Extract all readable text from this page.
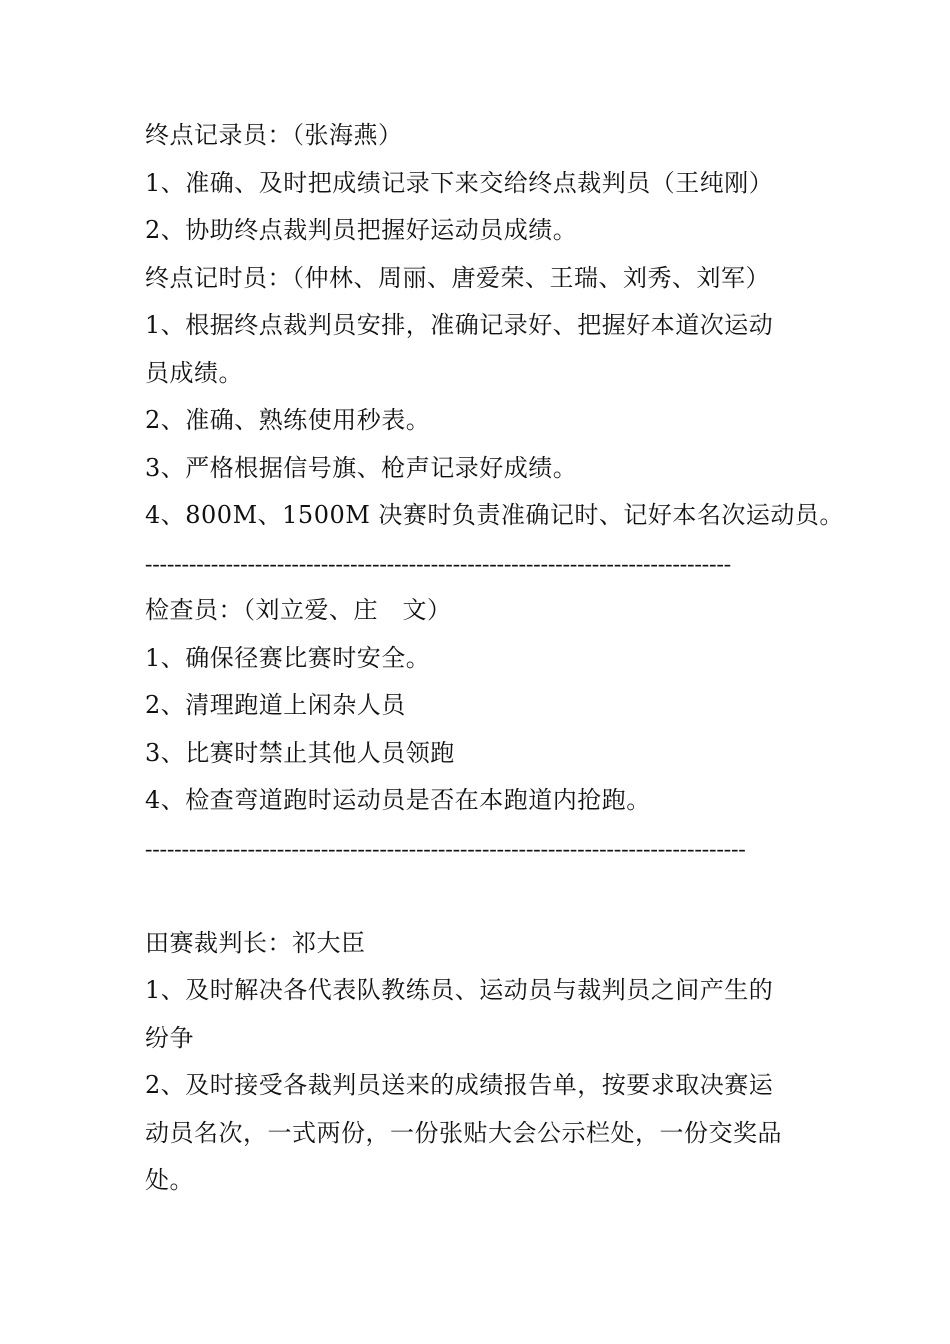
终点记录员：（张海燕）
1、准确、及时把成绩记录下来交给终点裁判员（王纯刚）
2、协助终点裁判员把握好运动员成绩。
终点记时员：（仲林、周丽、唐爱荣、王瑞、刘秀、刘军）
1、根据终点裁判员安排，准确记录好、把握好本道次运动
员成绩。
2、准确、熟练使用秒表。
3、严格根据信号旗、枪声记录好成绩。
4、800M、1500M 决赛时负责准确记时、记好本名次运动员。
--------------------------------------------------------------------------------
检查员：（刘立爱、庄　文）
1、确保径赛比赛时安全。
2、清理跑道上闲杂人员
3、比赛时禁止其他人员领跑
4、检查弯道跑时运动员是否在本跑道内抢跑。
----------------------------------------------------------------------------------
田赛裁判长：祁大臣
1、及时解决各代表队教练员、运动员与裁判员之间产生的
纷争
2、及时接受各裁判员送来的成绩报告单，按要求取决赛运
动员名次，一式两份，一份张贴大会公示栏处，一份交奖品
处。
